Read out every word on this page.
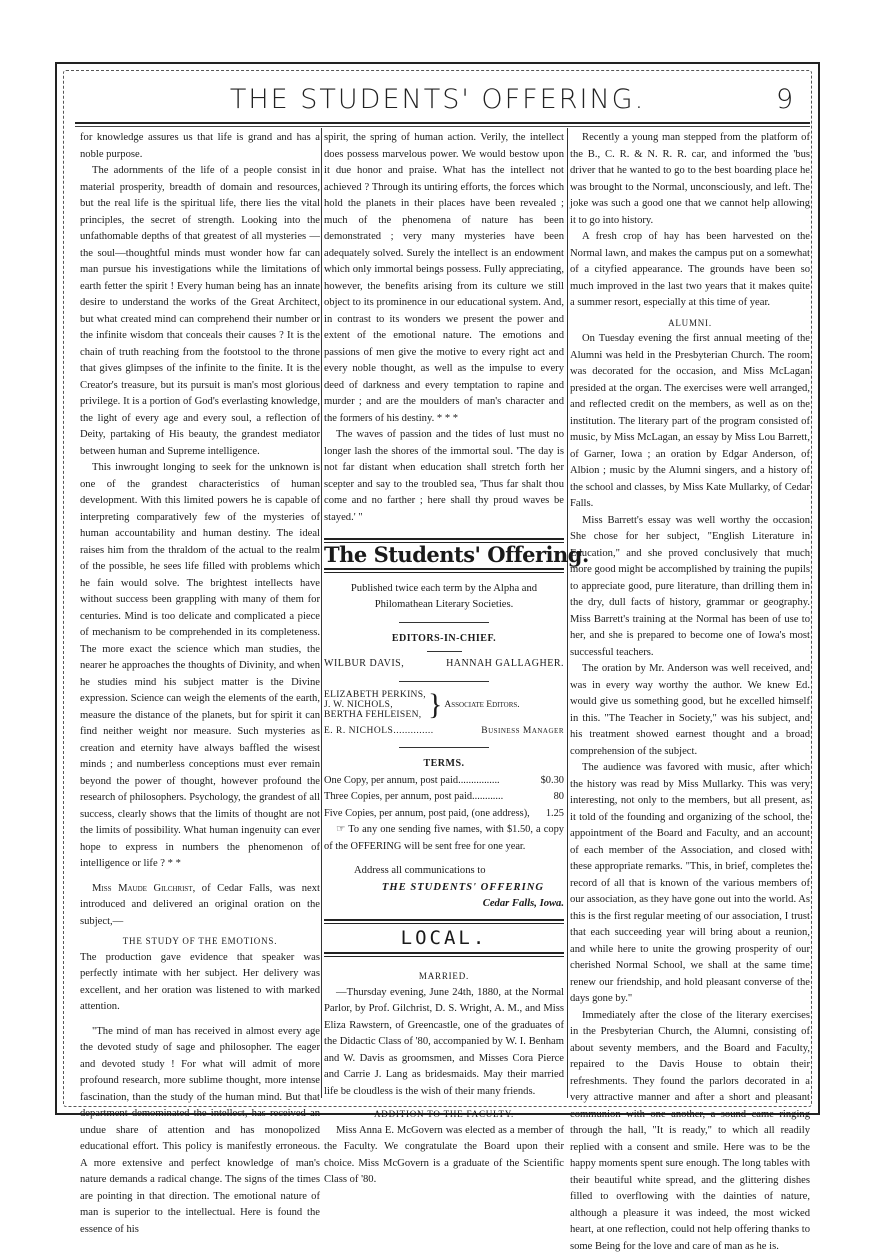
THE STUDENTS' OFFERING.	9

for knowledge assures us that life is grand and has a noble purpose.

The adornments of the life of a people consist in material prosperity, breadth of domain and resources, but the real life is the spiritual life, there lies the vital principles, the secret of strength. Looking into the unfathomable depths of that greatest of all mysteries —the soul—thoughtful minds must wonder how far can man pursue his investigations while the limitations of earth fetter the spirit ! Every human being has an innate desire to understand the works of the Great Architect, but what created mind can comprehend their number or the infinite wisdom that conceals their causes ? It is the chain of truth reaching from the footstool to the throne that gives glimpses of the infinite to the finite. It is the Creator's treasure, but its pursuit is man's most glorious privilege. It is a portion of God's everlasting knowledge, the light of every age and every soul, a reflection of Deity, partaking of His beauty, the grandest mediator between human and Supreme intelligence.

This inwrought longing to seek for the unknown is one of the grandest characteristics of human development. With this limited powers he is capable of interpreting comparatively few of the mysteries of human accountability and human destiny. The ideal raises him from the thraldom of the actual to the realm of the possible, he sees life filled with problems which he fain would solve. The brightest intellects have without success been grappling with many of them for centuries. Mind is too delicate and complicated a piece of mechanism to be comprehended in its completeness. The more exact the science which man studies, the nearer he approaches the thoughts of Divinity, and when he studies mind his subject matter is the Divine expression. Science can weigh the elements of the earth, measure the distance of the planets, but for spirit it can find neither weight nor measure. Such mysteries as creation and eternity have always baffled the wisest minds ; and numberless conceptions must ever remain beyond the power of thought, however profound the research of philosophers. Psychology, the grandest of all success, clearly shows that the limits of thought are not the limits of possibility. What human ingenuity can ever hope to express in numbers the phenomenon of intelligence or life ? * *

Miss Maude Gilchrist, of Cedar Falls, was next introduced and delivered an original oration on the subject,—

THE STUDY OF THE EMOTIONS.

The production gave evidence that speaker was perfectly intimate with her subject. Her delivery was excellent, and her oration was listened to with marked attention.

"The mind of man has received in almost every age the devoted study of sage and philosopher. The eager and devoted study ! For what will admit of more profound research, more sublime thought, more intense fascination, than the study of the human mind. But that department demominated the intellect, has received an undue share of attention and has monopolized educational effort. This policy is manifestly erroneous. A more extensive and perfect knowledge of man's nature demands a radical change. The signs of the times are pointing in that direction. The emotional nature of man is superior to the intellectual. Here is found the essence of his

spirit, the spring of human action. Verily, the intellect does possess marvelous power. We would bestow upon it due honor and praise. What has the intellect not achieved ? Through its untiring efforts, the forces which hold the planets in their places have been revealed ; much of the phenomena of nature has been demonstrated ; very many mysteries have been adequately solved. Surely the intellect is an endowment which only immortal beings possess. Fully appreciating, however, the benefits arising from its culture we still object to its prominence in our educational system. And, in contrast to its wonders we present the power and extent of the emotional nature. The emotions and passions of men give the motive to every right act and every noble thought, as well as the impulse to every deed of darkness and every temptation to rapine and murder ; and are the moulders of man's character and the formers of his destiny. * * *

The waves of passion and the tides of lust must no longer lash the shores of the immortal soul. 'The day is not far distant when education shall stretch forth her scepter and say to the troubled sea, 'Thus far shalt thou come and no farther ; here shall thy proud waves be stayed.' "

The Students' Offering.
Published twice each term by the Alpha and Philomathean Literary Societies.
EDITORS-IN-CHIEF.
WILBUR DAVIS,	HANNAH GALLAGHER.
ELIZABETH PERKINS,
J. W. NICHOLS,
BERTHA FEHLEISEN, } Associate Editors.
E. R. NICHOLS ..............	Business Manager
TERMS.
One Copy, per annum, post paid................	$0.30
Three Copies, per annum, post paid............	80
Five Copies, per annum, post paid, (one address), 1.25

☞ To any one sending five names, with $1.50, a copy of the OFFERING will be sent free for one year.

Address all communications to
THE STUDENTS' OFFERING
Cedar Falls, Iowa.
LOCAL.
MARRIED.

—Thursday evening, June 24th, 1880, at the Normal Parlor, by Prof. Gilchrist, D. S. Wright, A. M., and Miss Eliza Rawstern, of Greencastle, one of the graduates of the Didactic Class of '80, accompanied by W. I. Benham and W. Davis as groomsmen, and Misses Cora Pierce and Carrie J. Lang as bridesmaids. May their married life be cloudless is the wish of their many friends.

ADDITION TO THE FACULTY.

Miss Anna E. McGovern was elected as a member of the Faculty. We congratulate the Board upon their choice. Miss McGovern is a graduate of the Scientific Class of '80.

Recently a young man stepped from the platform of the B., C. R. & N. R. R. car, and informed the 'bus driver that he wanted to go to the best boarding place he was brought to the Normal, unconsciously, and left. The joke was such a good one that we cannot help allowing it to go into history.

A fresh crop of hay has been harvested on the Normal lawn, and makes the campus put on a somewhat of a cityfied appearance. The grounds have been so much improved in the last two years that it makes quite a summer resort, especially at this time of year.

ALUMNI.

On Tuesday evening the first annual meeting of the Alumni was held in the Presbyterian Church. The room was decorated for the occasion, and Miss McLagan presided at the organ. The exercises were well arranged, and reflected credit on the members, as well as on the institution. The literary part of the program consisted of music, by Miss McLagan, an essay by Miss Lou Barrett, of Garner, Iowa ; an oration by Edgar Anderson, of Albion ; music by the Alumni singers, and a history of the school and classes, by Miss Kate Mullarky, of Cedar Falls.

Miss Barrett's essay was well worthy the occasion She chose for her subject, "English Literature in Education," and she proved conclusively that much more good might be accomplished by training the pupils to appreciate good, pure literature, than drilling them in the dry, dull facts of history, grammar or geography. Miss Barrett's training at the Normal has been of use to her, and she is prepared to become one of Iowa's most successful teachers.

The oration by Mr. Anderson was well received, and was in every way worthy the author. We knew Ed. would give us something good, but he excelled himself in this. "The Teacher in Society," was his subject, and his treatment showed earnest thought and a broad comprehension of the subject.

The audience was favored with music, after which the history was read by Miss Mullarky. This was very interesting, not only to the members, but all present, as it told of the founding and organizing of the school, the appointment of the Board and Faculty, and an account of each member of the Association, and closed with these appropriate remarks. "This, in brief, completes the record of all that is known of the various members of our association, as they have gone out into the world. As this is the first regular meeting of our association, I trust that each succeeding year will bring about a reunion, and while here to unite the growing prosperity of our cherished Normal School, we shall at the same time renew our friendship, and hold pleasant converse of the days gone by."

Immediately after the close of the literary exercises in the Presbyterian Church, the Alumni, consisting of about seventy members, and the Board and Faculty, repaired to the Davis House to obtain their refreshments. They found the parlors decorated in a very attractive manner and after a short and pleasant communion with one another, a sound came ringing through the hall, "It is ready," to which all readily replied with a consent and smile. Here was to be the happy moments spent sure enough. The long tables with their beautiful white spread, and the glittering dishes filled to overflowing with the dainties of nature, although a pleasure it was indeed, the most wicked heart, at one reflection, could not help offering thanks to some Being for the love and care of man as he is.
